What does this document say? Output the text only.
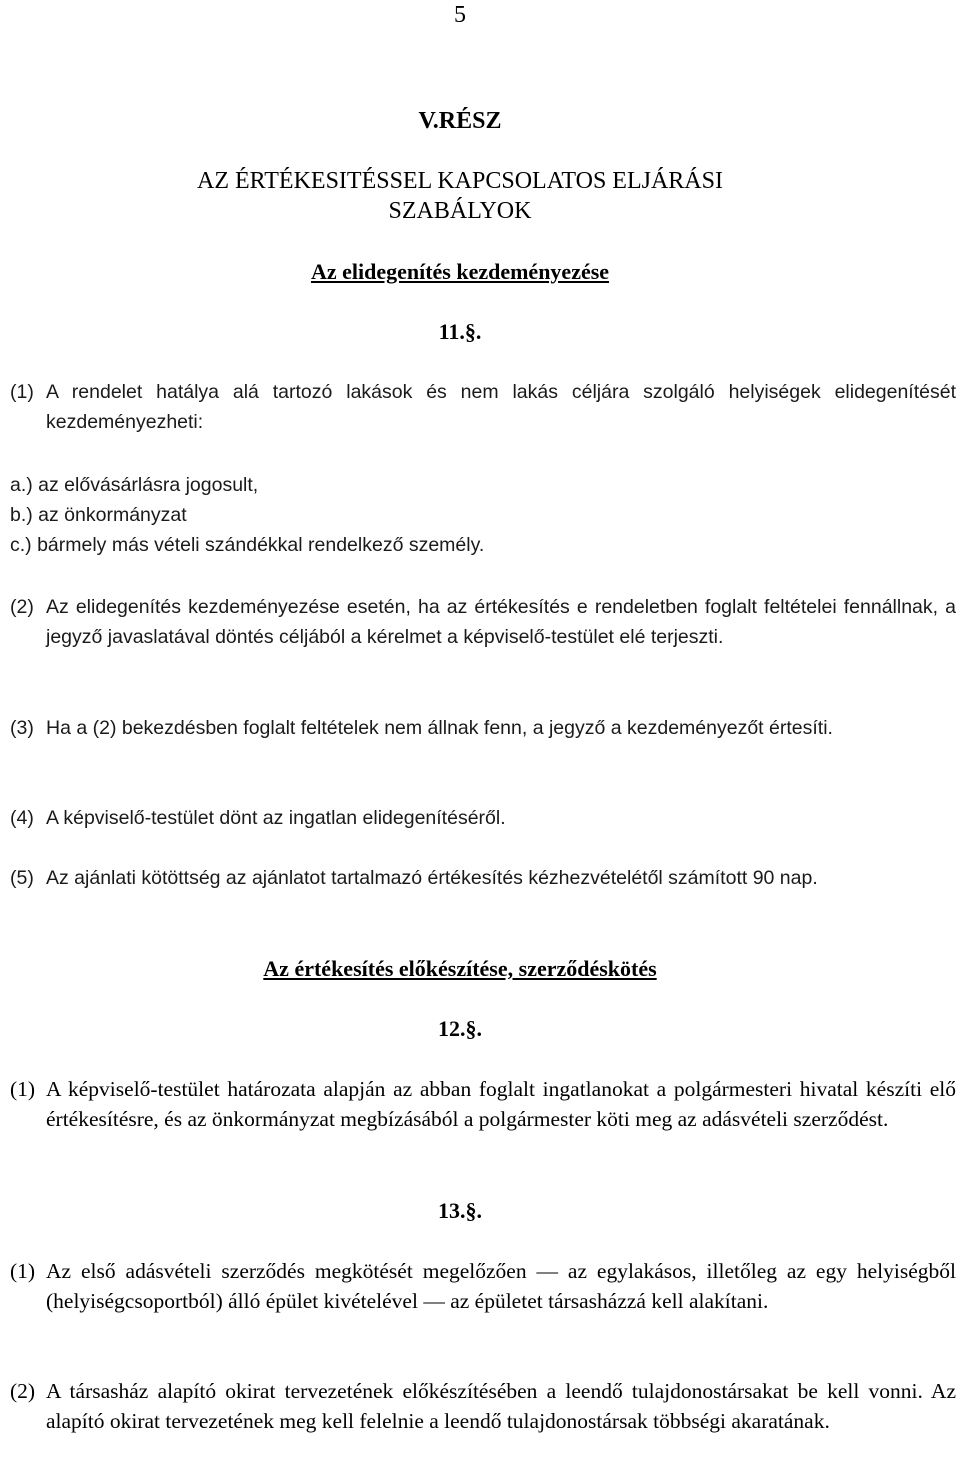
5
V.RÉSZ
AZ ÉRTÉKESITÉSSEL KAPCSOLATOS ELJÁRÁSI
SZABÁLYOK
Az elidegenítés kezdeményezése
11.§.
(1) A rendelet hatálya alá tartozó lakások és nem lakás céljára szolgáló helyiségek elidegenítését kezdeményezheti:
a.) az elővásárlásra jogosult,
b.) az önkormányzat
c.) bármely más vételi szándékkal rendelkező személy.
(2) Az elidegenítés kezdeményezése esetén, ha az értékesítés e rendeletben foglalt feltételei fennállnak, a jegyző javaslatával döntés céljából a kérelmet a képviselő-testület elé terjeszti.
(3) Ha a (2) bekezdésben foglalt feltételek nem állnak fenn, a jegyző a kezdeményezőt értesíti.
(4) A képviselő-testület dönt az ingatlan elidegenítéséről.
(5) Az ajánlati kötöttség az ajánlatot tartalmazó értékesítés kézhezvételétől számított 90 nap.
Az értékesítés előkészítése, szerződéskötés
12.§.
(1) A képviselő-testület határozata alapján az abban foglalt ingatlanokat a polgármesteri hivatal készíti elő értékesítésre, és az önkormányzat megbízásából a polgármester köti meg az adásvételi szerződést.
13.§.
(1) Az első adásvételi szerződés megkötését megelőzően — az egylakásos, illetőleg az egy helyiségből (helyiségcsoportból) álló épület kivételével — az épületet társasházzá kell alakítani.
(2) A társasház alapító okirat tervezetének előkészítésében a leendő tulajdonostársakat be kell vonni. Az alapító okirat tervezetének meg kell felelnie a leendő tulajdonostársak többségi akaratának.
